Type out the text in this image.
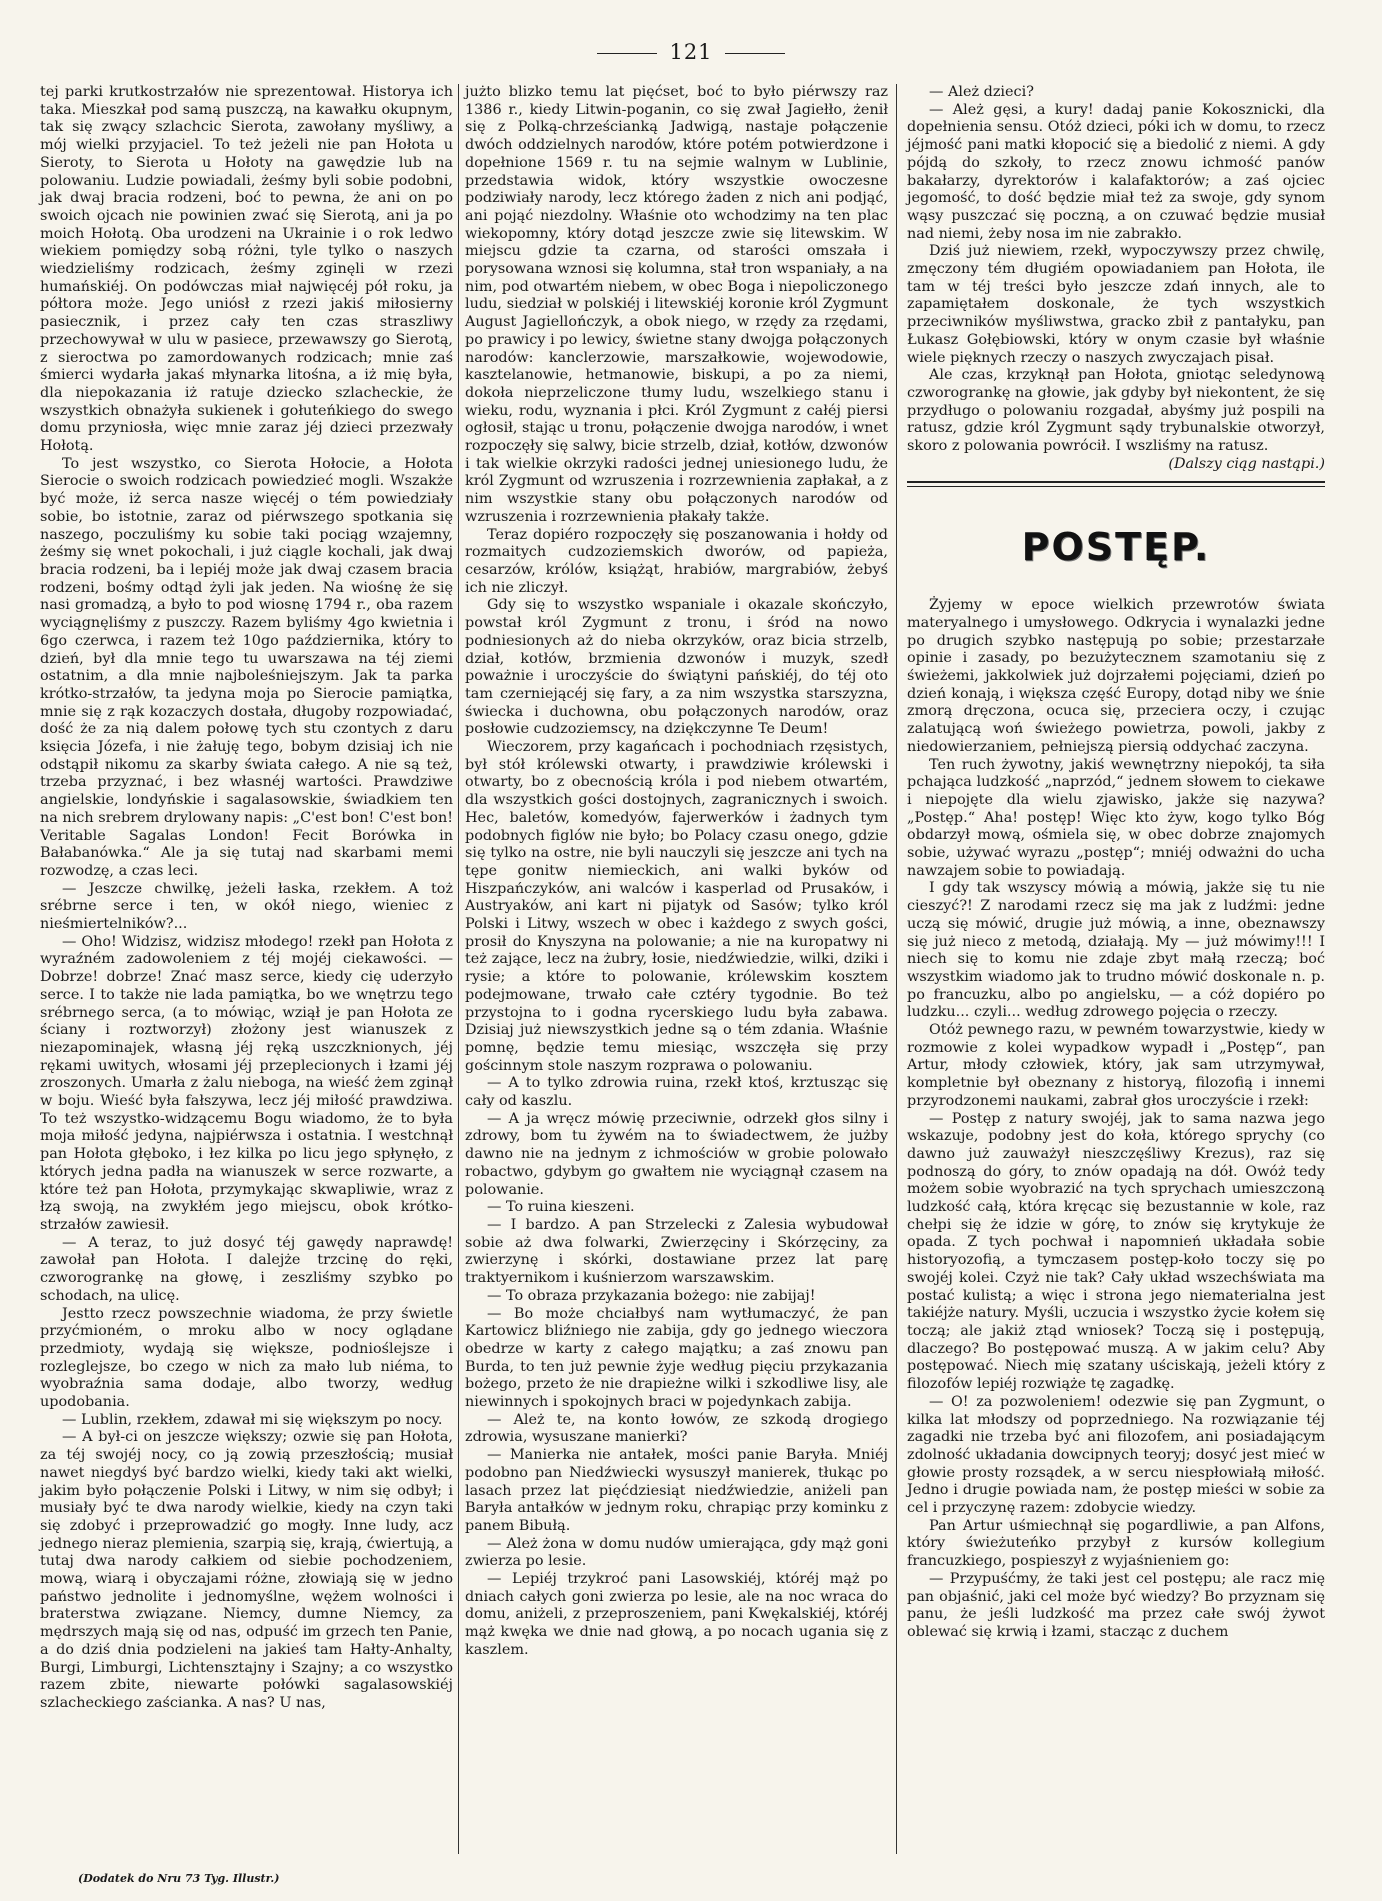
121

tej parki krutkostrzałów nie sprezentował. Historya ich taka. Mieszkał pod samą puszczą, na kawałku okupnym, tak się zwący szlachcic Sierota, zawołany myśliwy, a mój wielki przyjaciel. To też jeżeli nie pan Hołota u Sieroty, to Sierota u Hołoty na gawędzie lub na polowaniu. Ludzie powiadali, żeśmy byli sobie podobni, jak dwaj bracia rodzeni, boć to pewna, że ani on po swoich ojcach nie powinien zwać się Sierotą, ani ja po moich Hołotą. Oba urodzeni na Ukrainie i o rok ledwo wiekiem pomiędzy sobą różni, tyle tylko o naszych wiedzieliśmy rodzicach, żeśmy zginęli w rzezi humańskiéj. On podówczas miał najwięcéj pół roku, ja półtora może. Jego uniósł z rzezi jakiś miłosierny pasiecznik, i przez cały ten czas straszliwy przechowywał w ulu w pasiece, przewawszy go Sierotą, z sieroctwa po zamordowanych rodzicach; mnie zaś śmierci wydarła jakaś młynarka litośna, a iż mię była, dla niepokazania iż ratuje dziecko szlacheckie, że wszystkich obnażyła sukienek i gołuteńkiego do swego domu przyniosła, więc mnie zaraz jéj dzieci przezwały Hołotą.

To jest wszystko, co Sierota Hołocie, a Hołota Sierocie o swoich rodzicach powiedzieć mogli. Wszakże być może, iż serca nasze więcéj o tém powiedziały sobie, bo istotnie, zaraz od piérwszego spotkania się naszego, poczuliśmy ku sobie taki pociąg wzajemny, żeśmy się wnet pokochali, i już ciągle kochali, jak dwaj bracia rodzeni, ba i lepiéj może jak dwaj czasem bracia rodzeni, bośmy odtąd żyli jak jeden. Na wiośnę że się nasi gromadzą, a było to pod wiosnę 1794 r., oba razem wyciągnęliśmy z puszczy. Razem byliśmy 4go kwietnia i 6go czerwca, i razem też 10go października, który to dzień, był dla mnie tego tu uwarszawa na téj ziemi ostatnim, a dla mnie najboleśniejszym. Jak ta parka krótko-strzałów, ta jedyna moja po Sierocie pamiątka, mnie się z rąk kozaczych dostała, długoby rozpowiadać, dość że za nią dalem połowę tych stu czontych z daru księcia Józefa, i nie żałuję tego, bobym dzisiaj ich nie odstąpił nikomu za skarby świata całego. A nie są też, trzeba przyznać, i bez własnéj wartości. Prawdziwe angielskie, londyńskie i sagalasowskie, świadkiem ten na nich srebrem drylowany napis: „C'est bon! C'est bon! Veritable Sagalas London! Fecit Borówka in Bałabanówka.“ Ale ja się tutaj nad skarbami memi rozwodzę, a czas leci.

— Jeszcze chwilkę, jeżeli łaska, rzekłem. A toż srébrne serce i ten, w okół niego, wieniec z nieśmiertelników?...

— Oho! Widzisz, widzisz młodego! rzekł pan Hołota z wyraźném zadowoleniem z téj mojéj ciekawości. — Dobrze! dobrze! Znać masz serce, kiedy cię uderzyło serce. I to także nie lada pamiątka, bo we wnętrzu tego srébrnego serca, (a to mówiąc, wziął je pan Hołota ze ściany i roztworzył) złożony jest wianuszek z niezapominajek, własną jéj ręką uszczknionych, jéj rękami uwitych, włosami jéj przeplecionych i łzami jéj zroszonych. Umarła z żalu nieboga, na wieść żem zginął w boju. Wieść była fałszywa, lecz jéj miłość prawdziwa. To też wszystko-widzącemu Bogu wiadomo, że to była moja miłość jedyna, najpiérwsza i ostatnia. I westchnął pan Hołota głęboko, i łez kilka po licu jego spłynęło, z których jedna padła na wianuszek w serce rozwarte, a które też pan Hołota, przymykając skwapliwie, wraz z łzą swoją, na zwykłém jego miejscu, obok krótko-strzałów zawiesił.

— A teraz, to już dosyć téj gawędy naprawdę! zawołał pan Hołota. I dalejże trzcinę do ręki, czworogrankę na głowę, i zeszliśmy szybko po schodach, na ulicę.

Jestto rzecz powszechnie wiadoma, że przy świetle przyćmioném, o mroku albo w nocy oglądane przedmioty, wydają się większe, podnioślejsze i rozleglejsze, bo czego w nich za mało lub niéma, to wyobraźnia sama dodaje, albo tworzy, według upodobania.

— Lublin, rzekłem, zdawał mi się większym po nocy.

— A był-ci on jeszcze większy; ozwie się pan Hołota, za téj swojéj nocy, co ją zowią przeszłością; musiał nawet niegdyś być bardzo wielki, kiedy taki akt wielki, jakim było połączenie Polski i Litwy, w nim się odbył; i musiały być te dwa narody wielkie, kiedy na czyn taki się zdobyć i przeprowadzić go mogły. Inne ludy, acz jednego nieraz plemienia, szarpią się, krają, ćwiertują, a tutaj dwa narody całkiem od siebie pochodzeniem, mową, wiarą i obyczajami różne, złowiają się w jedno państwo jednolite i jednomyślne, wężem wolności i braterstwa związane. Niemcy, dumne Niemcy, za mędrszych mają się od nas, odpuść im grzech ten Panie, a do dziś dnia podzieleni na jakieś tam Hałty-Anhalty, Burgi, Limburgi, Lichtensztajny i Szajny; a co wszystko razem zbite, niewarte połówki sagalasowskiéj szlacheckiego zaścianka. A nas? U nas,

jużto blizko temu lat pięćset, boć to było piérwszy raz 1386 r., kiedy Litwin-poganin, co się zwał Jagiełło, żenił się z Polką-chrześcianką Jadwigą, nastaje połączenie dwóch oddzielnych narodów, które potém potwierdzone i dopełnione 1569 r. tu na sejmie walnym w Lublinie, przedstawia widok, który wszystkie owoczesne podziwiały narody, lecz którego żaden z nich ani podjąć, ani pojąć niezdolny. Właśnie oto wchodzimy na ten plac wiekopomny, który dotąd jeszcze zwie się litewskim. W miejscu gdzie ta czarna, od starości omszała i porysowana wznosi się kolumna, stał tron wspaniały, a na nim, pod otwartém niebem, w obec Boga i niepoliczonego ludu, siedział w polskiéj i litewskiéj koronie król Zygmunt August Jagiellończyk, a obok niego, w rzędy za rzędami, po prawicy i po lewicy, świetne stany dwojga połączonych narodów: kanclerzowie, marszałkowie, wojewodowie, kasztelanowie, hetmanowie, biskupi, a po za niemi, dokoła nieprzeliczone tłumy ludu, wszelkiego stanu i wieku, rodu, wyznania i płci. Król Zygmunt z całéj piersi ogłosił, stając u tronu, połączenie dwojga narodów, i wnet rozpoczęły się salwy, bicie strzelb, dział, kotłów, dzwonów i tak wielkie okrzyki radości jednej uniesionego ludu, że król Zygmunt od wzruszenia i rozrzewnienia zapłakał, a z nim wszystkie stany obu połączonych narodów od wzruszenia i rozrzewnienia płakały także.

Teraz dopiéro rozpoczęły się poszanowania i hołdy od rozmaitych cudzoziemskich dworów, od papieża, cesarzów, królów, książąt, hrabiów, margrabiów, żebyś ich nie zliczył.

Gdy się to wszystko wspaniale i okazale skończyło, powstał król Zygmunt z tronu, i śród na nowo podniesionych aż do nieba okrzyków, oraz bicia strzelb, dział, kotłów, brzmienia dzwonów i muzyk, szedł poważnie i uroczyście do świątyni pańskiéj, do téj oto tam czerniejącéj się fary, a za nim wszystka starszyzna, świecka i duchowna, obu połączonych narodów, oraz posłowie cudzoziemscy, na dziękczynne Te Deum!

Wieczorem, przy kagańcach i pochodniach rzęsistych, był stół królewski otwarty, i prawdziwie królewski i otwarty, bo z obecnością króla i pod niebem otwartém, dla wszystkich gości dostojnych, zagranicznych i swoich. Hec, baletów, komedyów, fajerwerków i żadnych tym podobnych figlów nie było; bo Polacy czasu onego, gdzie się tylko na ostre, nie byli nauczyli się jeszcze ani tych na tępe gonitw niemieckich, ani walki byków od Hiszpańczyków, ani walców i kasperlad od Prusaków, i Austryaków, ani kart ni pijatyk od Sasów; tylko król Polski i Litwy, wszech w obec i każdego z swych gości, prosił do Knyszyna na polowanie; a nie na kuropatwy ni też zające, lecz na żubry, łosie, niedźwiedzie, wilki, dziki i rysie; a które to polowanie, królewskim kosztem podejmowane, trwało całe cztéry tygodnie. Bo też przystojna to i godna rycerskiego ludu była zabawa. Dzisiaj już niewszystkich jedne są o tém zdania. Właśnie pomnę, będzie temu miesiąc, wszczęła się przy gościnnym stole naszym rozprawa o polowaniu.

— A to tylko zdrowia ruina, rzekł ktoś, krztusząc się cały od kaszlu.

— A ja wręcz mówię przeciwnie, odrzekł głos silny i zdrowy, bom tu żywém na to świadectwem, że jużby dawno nie na jednym z ichmościów w grobie polowało robactwo, gdybym go gwałtem nie wyciągnął czasem na polowanie.

— To ruina kieszeni.

— I bardzo. A pan Strzelecki z Zalesia wybudował sobie aż dwa folwarki, Zwierzęciny i Skórzęciny, za zwierzynę i skórki, dostawiane przez lat parę traktyernikom i kuśnierzom warszawskim.

— To obraza przykazania bożego: nie zabijaj!

— Bo może chciałbyś nam wytłumaczyć, że pan Kartowicz bliźniego nie zabija, gdy go jednego wieczora obedrze w karty z całego majątku; a zaś znowu pan Burda, to ten już pewnie żyje według pięciu przykazania bożego, przeto że nie drapieżne wilki i szkodliwe lisy, ale niewinnych i spokojnych braci w pojedynkach zabija.

— Ależ te, na konto łowów, ze szkodą drogiego zdrowia, wysuszane manierki?

— Manierka nie antałek, mości panie Baryła. Mniéj podobno pan Niedźwiecki wysuszył manierek, tłukąc po lasach przez lat pięćdziesiąt niedźwiedzie, aniżeli pan Baryła antałków w jednym roku, chrapiąc przy kominku z panem Bibułą.

— Ależ żona w domu nudów umierająca, gdy mąż goni zwierza po lesie.

— Lepiéj trzykroć pani Lasowskiéj, któréj mąż po dniach całych goni zwierza po lesie, ale na noc wraca do domu, aniżeli, z przeproszeniem, pani Kwękalskiéj, któréj mąż kwęka we dnie nad głową, a po nocach ugania się z kaszlem.

— Ależ dzieci?

— Ależ gęsi, a kury! dadaj panie Kokosznicki, dla dopełnienia sensu. Otóż dzieci, póki ich w domu, to rzecz jéjmość pani matki kłopocić się a biedolić z niemi. A gdy pójdą do szkoły, to rzecz znowu ichmość panów bakałarzy, dyrektorów i kalafaktorów; a zaś ojciec jegomość, to dość będzie miał też za swoje, gdy synom wąsy puszczać się poczną, a on czuwać będzie musiał nad niemi, żeby nosa im nie zabrakło.

Dziś już niewiem, rzekł, wypoczywszy przez chwilę, zmęczony tém długiém opowiadaniem pan Hołota, ile tam w téj treści było jeszcze zdań innych, ale to zapamiętałem doskonale, że tych wszystkich przeciwników myśliwstwa, gracko zbił z pantałyku, pan Łukasz Gołębiowski, który w onym czasie był właśnie wiele pięknych rzeczy o naszych zwyczajach pisał.

Ale czas, krzyknął pan Hołota, gniotąc seledynową czworogrankę na głowie, jak gdyby był niekontent, że się przydługo o polowaniu rozgadał, abyśmy już pospili na ratusz, gdzie król Zygmunt sądy trybunalskie otworzył, skoro z polowania powrócił. I wszliśmy na ratusz.

(Dalszy ciąg nastąpi.)

POSTĘP.

Żyjemy w epoce wielkich przewrotów świata materyalnego i umysłowego. Odkrycia i wynalazki jedne po drugich szybko następują po sobie; przestarzałe opinie i zasady, po bezużytecznem szamotaniu się z świeżemi, jakkolwiek już dojrzałemi pojęciami, dzień po dzień konają, i większa część Europy, dotąd niby we śnie zmorą dręczona, ocuca się, przeciera oczy, i czując zalatującą woń świeżego powietrza, powoli, jakby z niedowierzaniem, pełniejszą piersią oddychać zaczyna.

Ten ruch żywotny, jakiś wewnętrzny niepokój, ta siła pchająca ludzkość „naprzód,“ jednem słowem to ciekawe i niepojęte dla wielu zjawisko, jakże się nazywa? „Postęp.“ Aha! postęp! Więc kto żyw, kogo tylko Bóg obdarzył mową, ośmiela się, w obec dobrze znajomych sobie, używać wyrazu „postęp“; mniéj odważni do ucha nawzajem sobie to powiadają.

I gdy tak wszyscy mówią a mówią, jakże się tu nie cieszyć?! Z narodami rzecz się ma jak z ludźmi: jedne uczą się mówić, drugie już mówią, a inne, obeznawszy się już nieco z metodą, działają. My — już mówimy!!! I niech się to komu nie zdaje zbyt małą rzeczą; boć wszystkim wiadomo jak to trudno mówić doskonale n. p. po francuzku, albo po angielsku, — a cóż dopiéro po ludzku... czyli... według zdrowego pojęcia o rzeczy.

Otóż pewnego razu, w pewném towarzystwie, kiedy w rozmowie z kolei wypadkow wypadł i „Postęp“, pan Artur, młody człowiek, który, jak sam utrzymywał, kompletnie był obeznany z historyą, filozofią i innemi przyrodzonemi naukami, zabrał głos uroczyście i rzekł:

— Postęp z natury swojéj, jak to sama nazwa jego wskazuje, podobny jest do koła, którego sprychy (co dawno już zauważył nieszczęśliwy Krezus), raz się podnoszą do góry, to znów opadają na dół. Owóż tedy możem sobie wyobrazić na tych sprychach umieszczoną ludzkość całą, która kręcąc się bezustannie w kole, raz chełpi się że idzie w górę, to znów się krytykuje że opada. Z tych pochwał i napomnień układała sobie historyozofią, a tymczasem postęp-koło toczy się po swojéj kolei. Czyż nie tak? Cały układ wszechświata ma postać kulistą; a więc i strona jego niematerialna jest takiéjże natury. Myśli, uczucia i wszystko życie kołem się toczą; ale jakiż ztąd wniosek? Toczą się i postępują, dlaczego? Bo postępować muszą. A w jakim celu? Aby postępować. Niech mię szatany uściskają, jeżeli który z filozofów lepiéj rozwiąże tę zagadkę.

— O! za pozwoleniem! odezwie się pan Zygmunt, o kilka lat młodszy od poprzedniego. Na rozwiązanie téj zagadki nie trzeba być ani filozofem, ani posiadającym zdolność układania dowcipnych teoryj; dosyć jest mieć w głowie prosty rozsądek, a w sercu niespłowiałą miłość. Jedno i drugie powiada nam, że postęp mieści w sobie za cel i przyczynę razem: zdobycie wiedzy.

Pan Artur uśmiechnął się pogardliwie, a pan Alfons, który świeżuteńko przybył z kursów kollegium francuzkiego, pospieszył z wyjaśnieniem go:

— Przypuśćmy, że taki jest cel postępu; ale racz mię pan objaśnić, jaki cel może być wiedzy? Bo przyznam się panu, że jeśli ludzkość ma przez całe swój żywot oblewać się krwią i łzami, stacząc z duchem

(Dodatek do Nru 73 Tyg. Illustr.)
